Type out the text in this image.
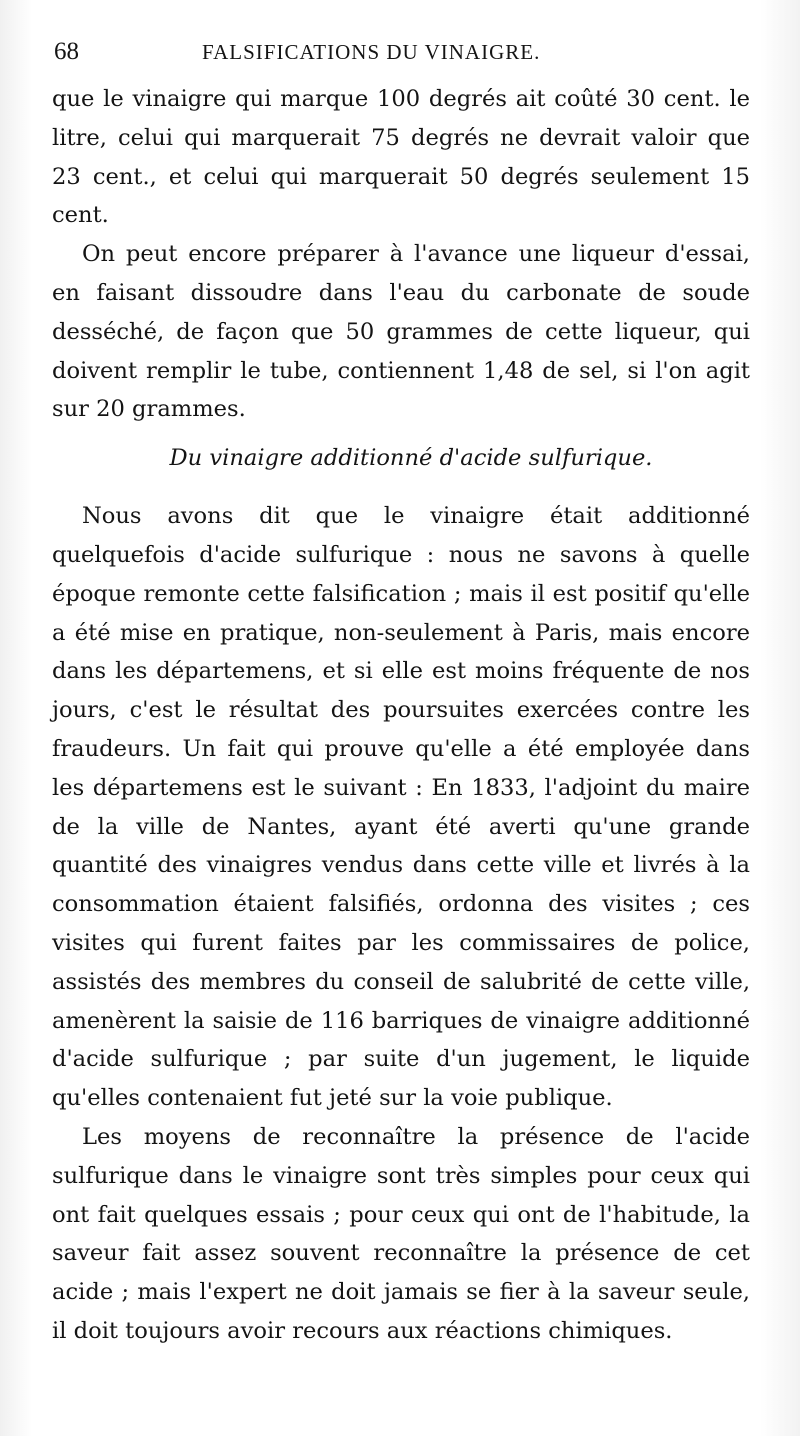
68	FALSIFICATIONS DU VINAIGRE.

que le vinaigre qui marque 100 degrés ait coûté 30 cent. le litre, celui qui marquerait 75 degrés ne devrait valoir que 23 cent., et celui qui marquerait 50 degrés seulement 15 cent.

On peut encore préparer à l'avance une liqueur d'essai, en faisant dissoudre dans l'eau du carbonate de soude desséché, de façon que 50 grammes de cette liqueur, qui doivent remplir le tube, contiennent 1,48 de sel, si l'on agit sur 20 grammes.

Du vinaigre additionné d'acide sulfurique.

Nous avons dit que le vinaigre était additionné quelquefois d'acide sulfurique : nous ne savons à quelle époque remonte cette falsification ; mais il est positif qu'elle a été mise en pratique, non-seulement à Paris, mais encore dans les départemens, et si elle est moins fréquente de nos jours, c'est le résultat des poursuites exercées contre les fraudeurs. Un fait qui prouve qu'elle a été employée dans les départemens est le suivant : En 1833, l'adjoint du maire de la ville de Nantes, ayant été averti qu'une grande quantité des vinaigres vendus dans cette ville et livrés à la consommation étaient falsifiés, ordonna des visites ; ces visites qui furent faites par les commissaires de police, assistés des membres du conseil de salubrité de cette ville, amenèrent la saisie de 116 barriques de vinaigre additionné d'acide sulfurique ; par suite d'un jugement, le liquide qu'elles contenaient fut jeté sur la voie publique.

Les moyens de reconnaître la présence de l'acide sulfurique dans le vinaigre sont très simples pour ceux qui ont fait quelques essais ; pour ceux qui ont de l'habitude, la saveur fait assez souvent reconnaître la présence de cet acide ; mais l'expert ne doit jamais se fier à la saveur seule, il doit toujours avoir recours aux réactions chimiques.
